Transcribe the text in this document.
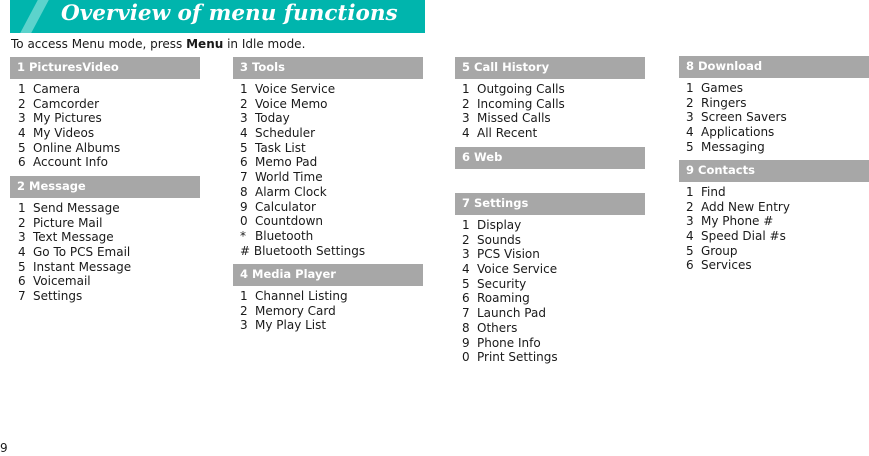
Overview of menu functions
To access Menu mode, press Menu in Idle mode.
1 PicturesVideo
1 Camera
2 Camcorder
3 My Pictures
4 My Videos
5 Online Albums
6 Account Info
2 Message
1 Send Message
2 Picture Mail
3 Text Message
4 Go To PCS Email
5 Instant Message
6 Voicemail
7 Settings
3 Tools
1 Voice Service
2 Voice Memo
3 Today
4 Scheduler
5 Task List
6 Memo Pad
7 World Time
8 Alarm Clock
9 Calculator
0 Countdown
* Bluetooth
# Bluetooth Settings
4 Media Player
1 Channel Listing
2 Memory Card
3 My Play List
5 Call History
1 Outgoing Calls
2 Incoming Calls
3 Missed Calls
4 All Recent
6 Web
7 Settings
1 Display
2 Sounds
3 PCS Vision
4 Voice Service
5 Security
6 Roaming
7 Launch Pad
8 Others
9 Phone Info
0 Print Settings
8 Download
1 Games
2 Ringers
3 Screen Savers
4 Applications
5 Messaging
9 Contacts
1 Find
2 Add New Entry
3 My Phone #
4 Speed Dial #s
5 Group
6 Services
9
